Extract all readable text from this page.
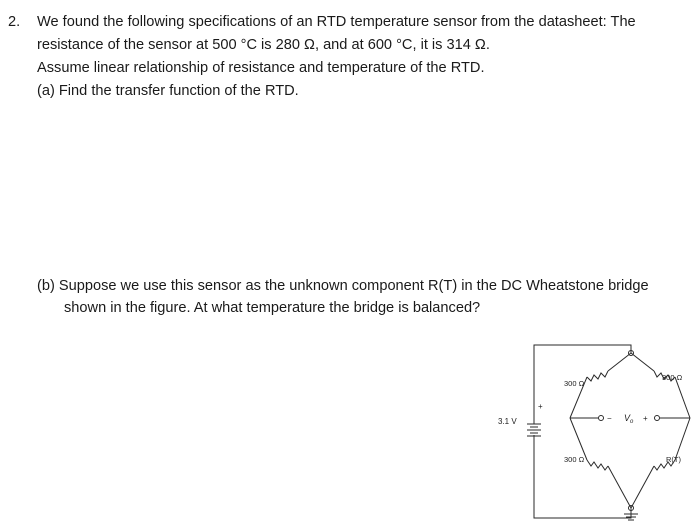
2. We found the following specifications of an RTD temperature sensor from the datasheet: The
resistance of the sensor at 500 °C is 280 Ω, and at 600 °C, it is 314 Ω.
Assume linear relationship of resistance and temperature of the RTD.
(a) Find the transfer function of the RTD.
(b) Suppose we use this sensor as the unknown component R(T) in the DC Wheatstone bridge
shown in the figure. At what temperature the bridge is balanced?
+
3.1 V	− $V_o$ +
300 Ω
300 Ω
300 Ω	R(T)
